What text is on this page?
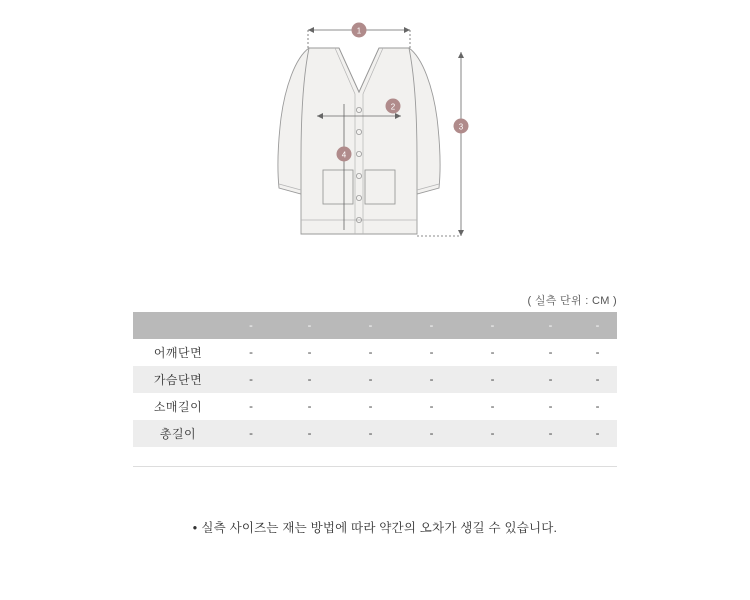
1
2
3
4
( 실측 단위 : CM )
	-	-	-	-	-	-	-
어깨단면	-	-	-	-	-	-	-
가슴단면	-	-	-	-	-	-	-
소매길이	-	-	-	-	-	-	-
총길이	-	-	-	-	-	-	-
• 실측 사이즈는 재는 방법에 따라 약간의 오차가 생길 수 있습니다.
